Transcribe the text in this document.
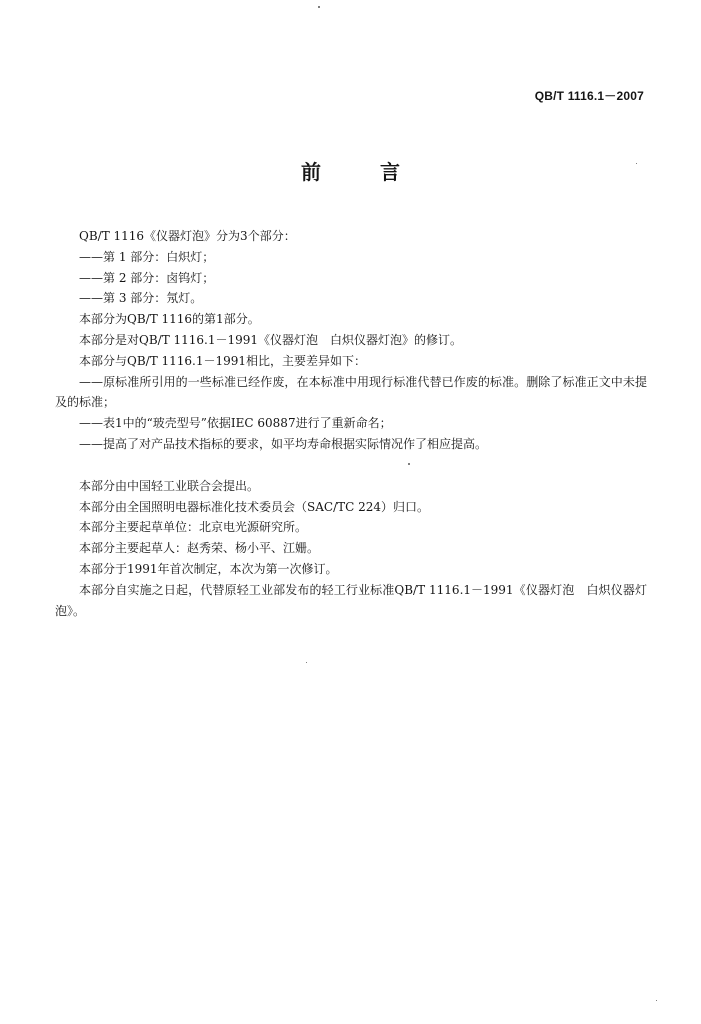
QB/T 1116.1－2007
前 言

QB/T 1116《仪器灯泡》分为3个部分：

——第 1 部分：白炽灯；

——第 2 部分：卤钨灯；

——第 3 部分：氖灯。

本部分为QB/T 1116的第1部分。

本部分是对QB/T 1116.1－1991《仪器灯泡　白炽仪器灯泡》的修订。

本部分与QB/T 1116.1－1991相比，主要差异如下：

——原标准所引用的一些标准已经作废，在本标准中用现行标准代替已作废的标准。删除了标准正文中未提及的标准；

——表1中的“玻壳型号”依据IEC 60887进行了重新命名；

——提高了对产品技术指标的要求，如平均寿命根据实际情况作了相应提高。

本部分由中国轻工业联合会提出。

本部分由全国照明电器标准化技术委员会（SAC/TC 224）归口。

本部分主要起草单位：北京电光源研究所。

本部分主要起草人：赵秀荣、杨小平、江姗。

本部分于1991年首次制定，本次为第一次修订。

本部分自实施之日起，代替原轻工业部发布的轻工行业标准QB/T 1116.1－1991《仪器灯泡　白炽仪器灯泡》。
